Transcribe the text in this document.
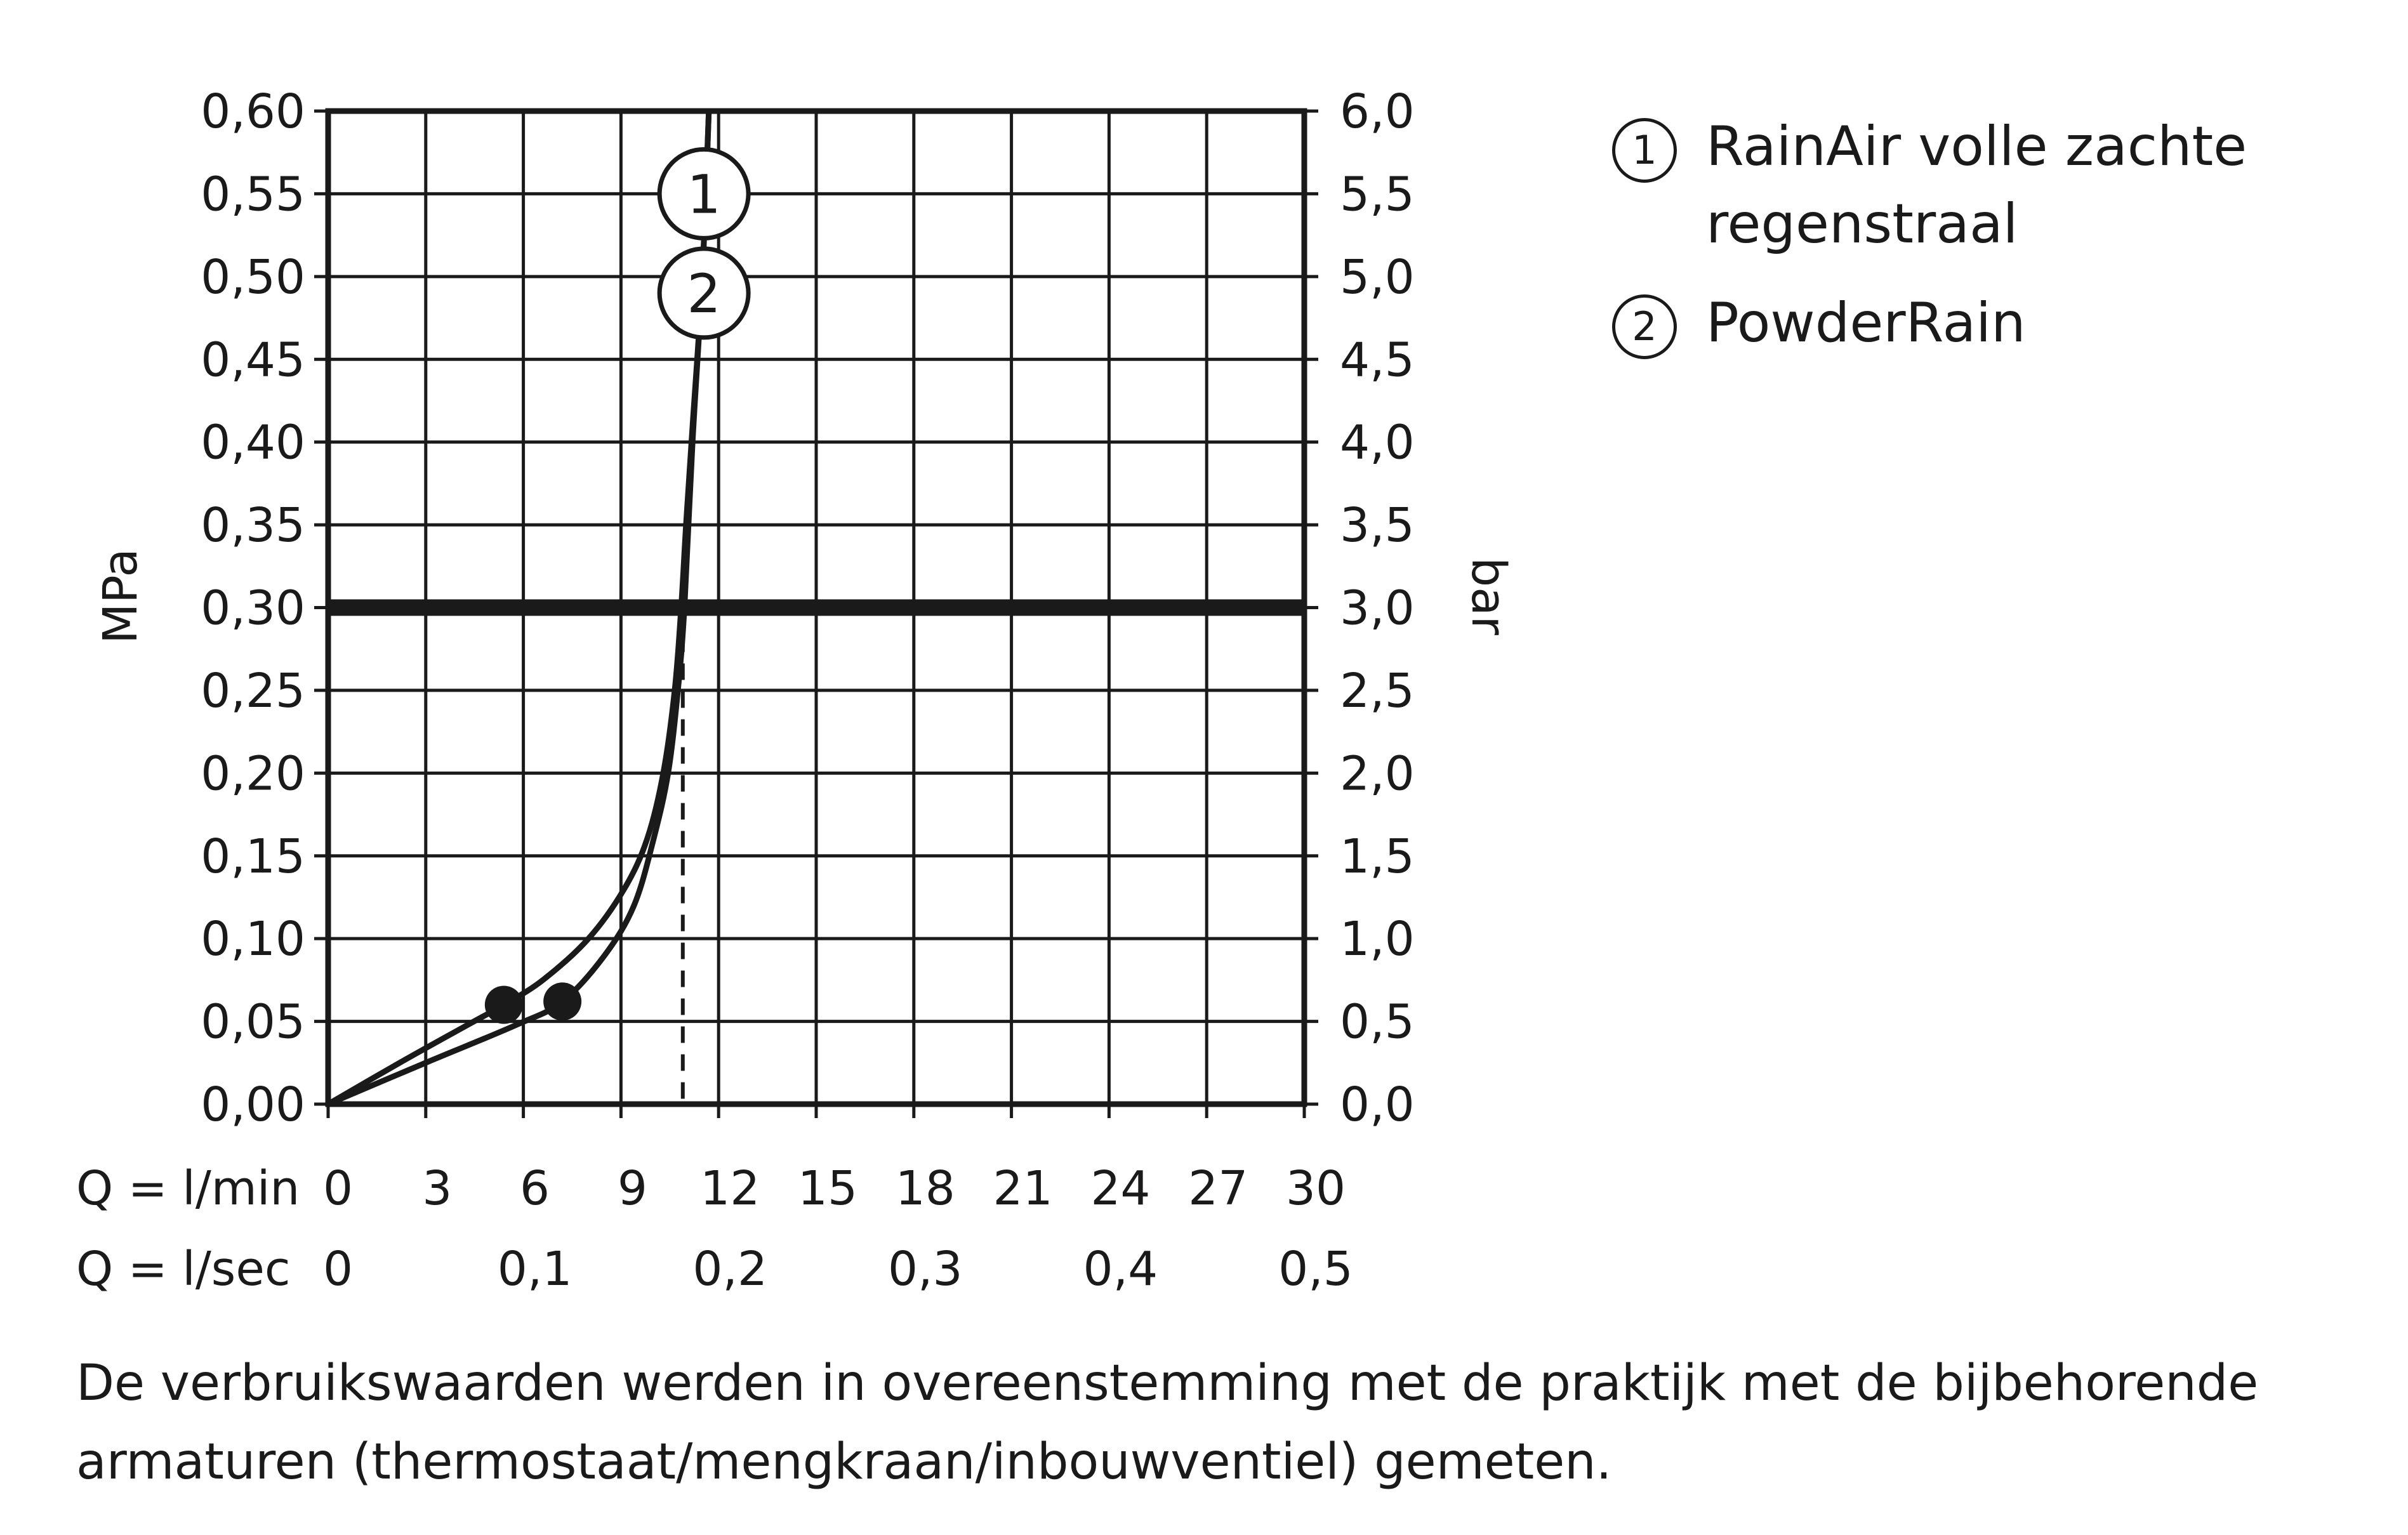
0,00	0,0
0,05	0,5
0,10	1,0
0,15	1,5
0,20	2,0
0,25	2,5
0,30	3,0
0,35	3,5
0,40	4,0
0,45	4,5
0,50	5,0
0,55	5,5
0,60	6,0
1
2
MPa	bar
Q = l/min
Q = l/sec
0 3 6 9 12 15 18 21 24 27 30
0	0,1	0,2	0,3	0,4	0,5
1 RainAir volle zachte regenstraal
2 PowderRain
De verbruikswaarden werden in overeenstemming met de praktijk met de bijbehorende armaturen (thermostaat/mengkraan/inbouwventiel) gemeten.
